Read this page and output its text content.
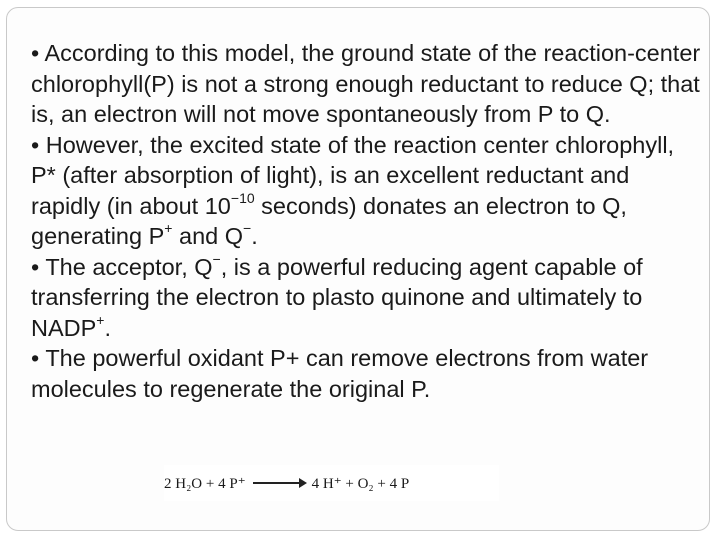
• According to this model, the ground state of the reaction-center chlorophyll(P) is not a strong enough reductant to reduce Q; that is, an electron will not move spontaneously from P to Q.

• However, the excited state of the reaction center chlorophyll, P* (after absorption of light), is an excellent reductant and rapidly (in about $10^{-10}$ seconds) donates an electron to Q, generating P+ and Q−.

• The acceptor, Q−, is a powerful reducing agent capable of transferring the electron to plasto quinone and ultimately to NADP+.

• The powerful oxidant P+ can remove electrons from water molecules to regenerate the original P.

2 H₂O + 4 P⁺ → 4 H⁺ + O₂ + 4 P
